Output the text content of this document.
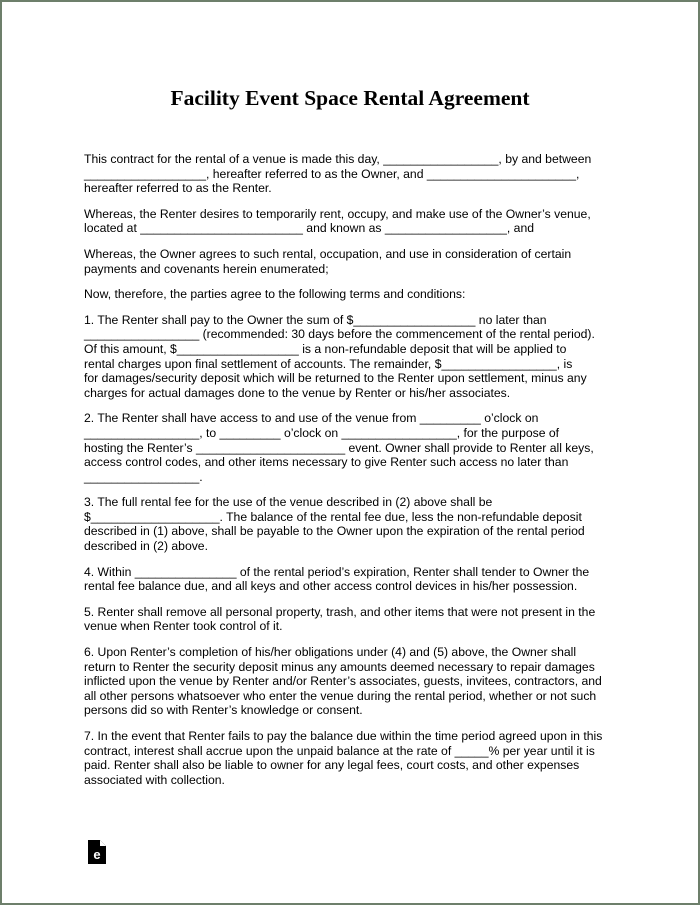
Facility Event Space Rental Agreement

This contract for the rental of a venue is made this day, _________________, by and between
__________________, hereafter referred to as the Owner, and ______________________,
hereafter referred to as the Renter.

Whereas, the Renter desires to temporarily rent, occupy, and make use of the Owner’s venue,
located at ________________________ and known as __________________, and

Whereas, the Owner agrees to such rental, occupation, and use in consideration of certain
payments and covenants herein enumerated;

Now, therefore, the parties agree to the following terms and conditions:

1. The Renter shall pay to the Owner the sum of $__________________ no later than
_________________ (recommended: 30 days before the commencement of the rental period).
Of this amount, $__________________ is a non-refundable deposit that will be applied to
rental charges upon final settlement of accounts. The remainder, $_________________, is
for damages/security deposit which will be returned to the Renter upon settlement, minus any
charges for actual damages done to the venue by Renter or his/her associates.

2. The Renter shall have access to and use of the venue from _________ o’clock on
_________________, to _________ o’clock on _________________, for the purpose of
hosting the Renter’s ______________________ event. Owner shall provide to Renter all keys,
access control codes, and other items necessary to give Renter such access no later than
_________________.

3. The full rental fee for the use of the venue described in (2) above shall be
$___________________. The balance of the rental fee due, less the non-refundable deposit
described in (1) above, shall be payable to the Owner upon the expiration of the rental period
described in (2) above.

4. Within _______________ of the rental period’s expiration, Renter shall tender to Owner the
rental fee balance due, and all keys and other access control devices in his/her possession.

5. Renter shall remove all personal property, trash, and other items that were not present in the
venue when Renter took control of it.

6. Upon Renter’s completion of his/her obligations under (4) and (5) above, the Owner shall
return to Renter the security deposit minus any amounts deemed necessary to repair damages
inflicted upon the venue by Renter and/or Renter’s associates, guests, invitees, contractors, and
all other persons whatsoever who enter the venue during the rental period, whether or not such
persons did so with Renter’s knowledge or consent.

7. In the event that Renter fails to pay the balance due within the time period agreed upon in this
contract, interest shall accrue upon the unpaid balance at the rate of _____% per year until it is
paid. Renter shall also be liable to owner for any legal fees, court costs, and other expenses
associated with collection.

e
